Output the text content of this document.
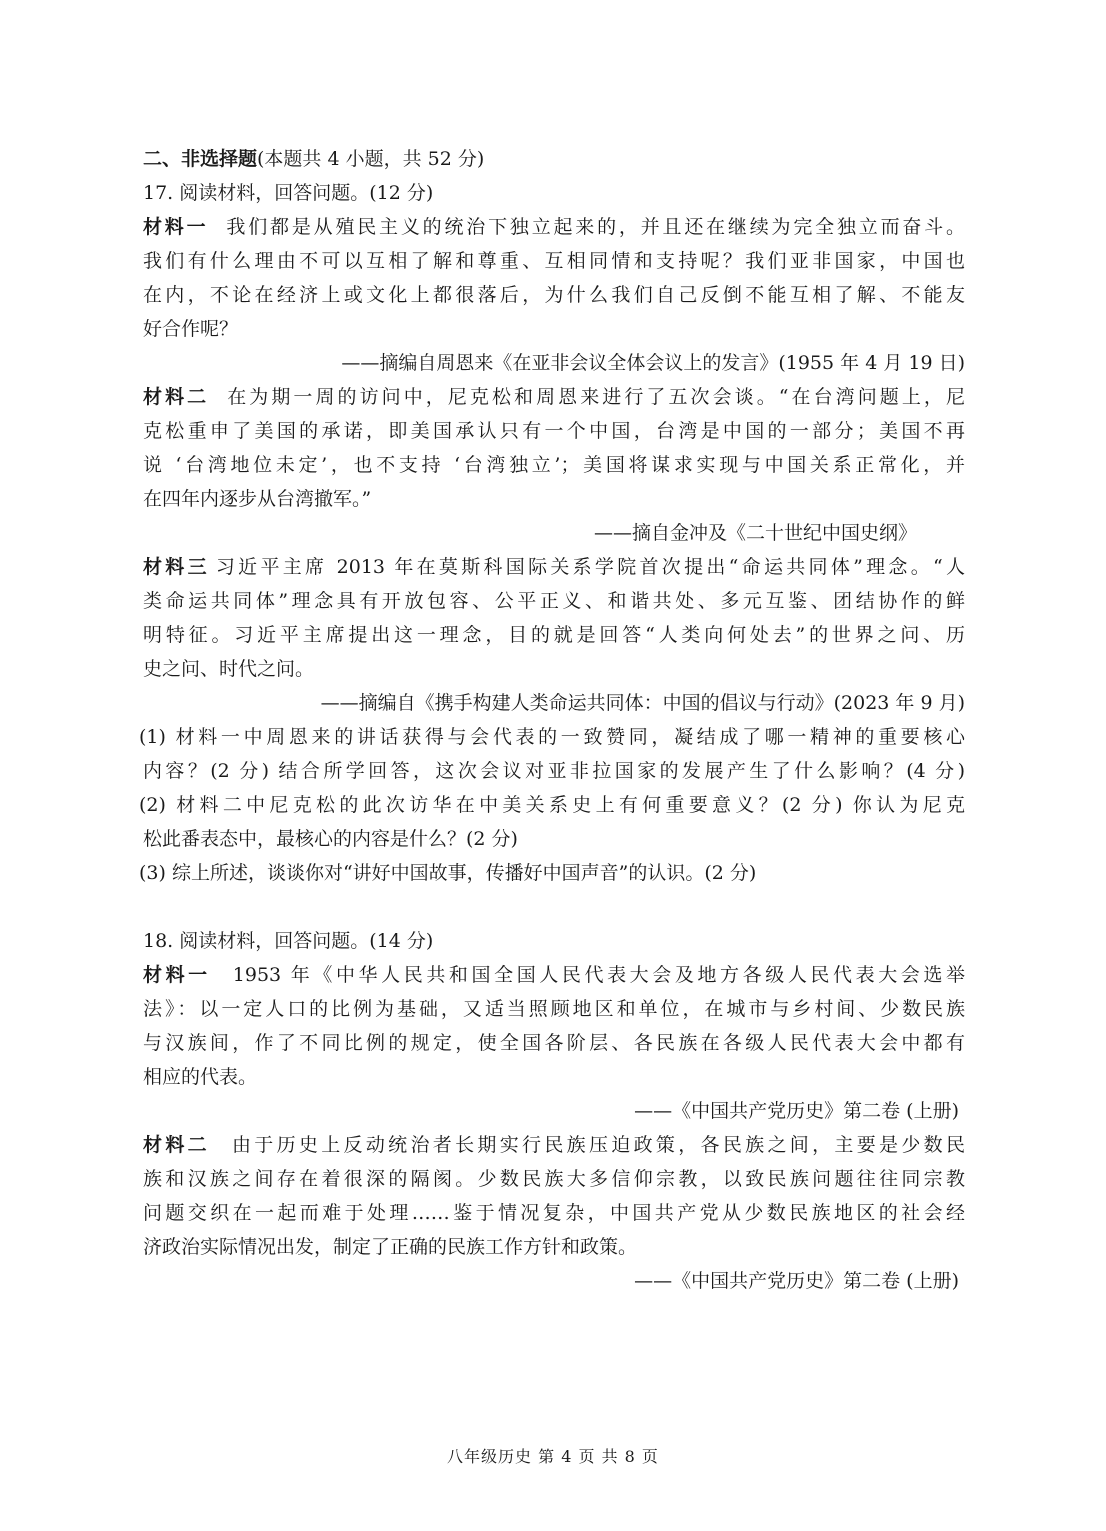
二、非选择题(本题共 4 小题，共 52 分)
17. 阅读材料，回答问题。(12 分)
材料一 我们都是从殖民主义的统治下独立起来的，并且还在继续为完全独立而奋斗。
我们有什么理由不可以互相了解和尊重、互相同情和支持呢？我们亚非国家，中国也
在内，不论在经济上或文化上都很落后，为什么我们自己反倒不能互相了解、不能友
好合作呢？
——摘编自周恩来《在亚非会议全体会议上的发言》(1955 年 4 月 19 日)
材料二 在为期一周的访问中，尼克松和周恩来进行了五次会谈。“在台湾问题上，尼
克松重申了美国的承诺，即美国承认只有一个中国，台湾是中国的一部分；美国不再
说 ‘台湾地位未定’，也不支持 ‘台湾独立’；美国将谋求实现与中国关系正常化，并
在四年内逐步从台湾撤军。”
——摘自金冲及《二十世纪中国史纲》
材料三 习近平主席 2013 年在莫斯科国际关系学院首次提出“命运共同体”理念。“人
类命运共同体”理念具有开放包容、公平正义、和谐共处、多元互鉴、团结协作的鲜
明特征。习近平主席提出这一理念，目的就是回答“人类向何处去”的世界之问、历
史之问、时代之问。
——摘编自《携手构建人类命运共同体：中国的倡议与行动》(2023 年 9 月)
(1) 材料一中周恩来的讲话获得与会代表的一致赞同，凝结成了哪一精神的重要核心
内容？(2 分) 结合所学回答，这次会议对亚非拉国家的发展产生了什么影响？(4 分)
(2) 材料二中尼克松的此次访华在中美关系史上有何重要意义？(2 分) 你认为尼克
松此番表态中，最核心的内容是什么？(2 分)
(3) 综上所述，谈谈你对“讲好中国故事，传播好中国声音”的认识。(2 分)
18. 阅读材料，回答问题。(14 分)
材料一 1953 年《中华人民共和国全国人民代表大会及地方各级人民代表大会选举
法》：以一定人口的比例为基础，又适当照顾地区和单位，在城市与乡村间、少数民族
与汉族间，作了不同比例的规定，使全国各阶层、各民族在各级人民代表大会中都有
相应的代表。
——《中国共产党历史》第二卷 (上册)
材料二 由于历史上反动统治者长期实行民族压迫政策，各民族之间，主要是少数民
族和汉族之间存在着很深的隔阂。少数民族大多信仰宗教，以致民族问题往往同宗教
问题交织在一起而难于处理……鉴于情况复杂，中国共产党从少数民族地区的社会经
济政治实际情况出发，制定了正确的民族工作方针和政策。
——《中国共产党历史》第二卷 (上册)
八年级历史 第 4 页 共 8 页
